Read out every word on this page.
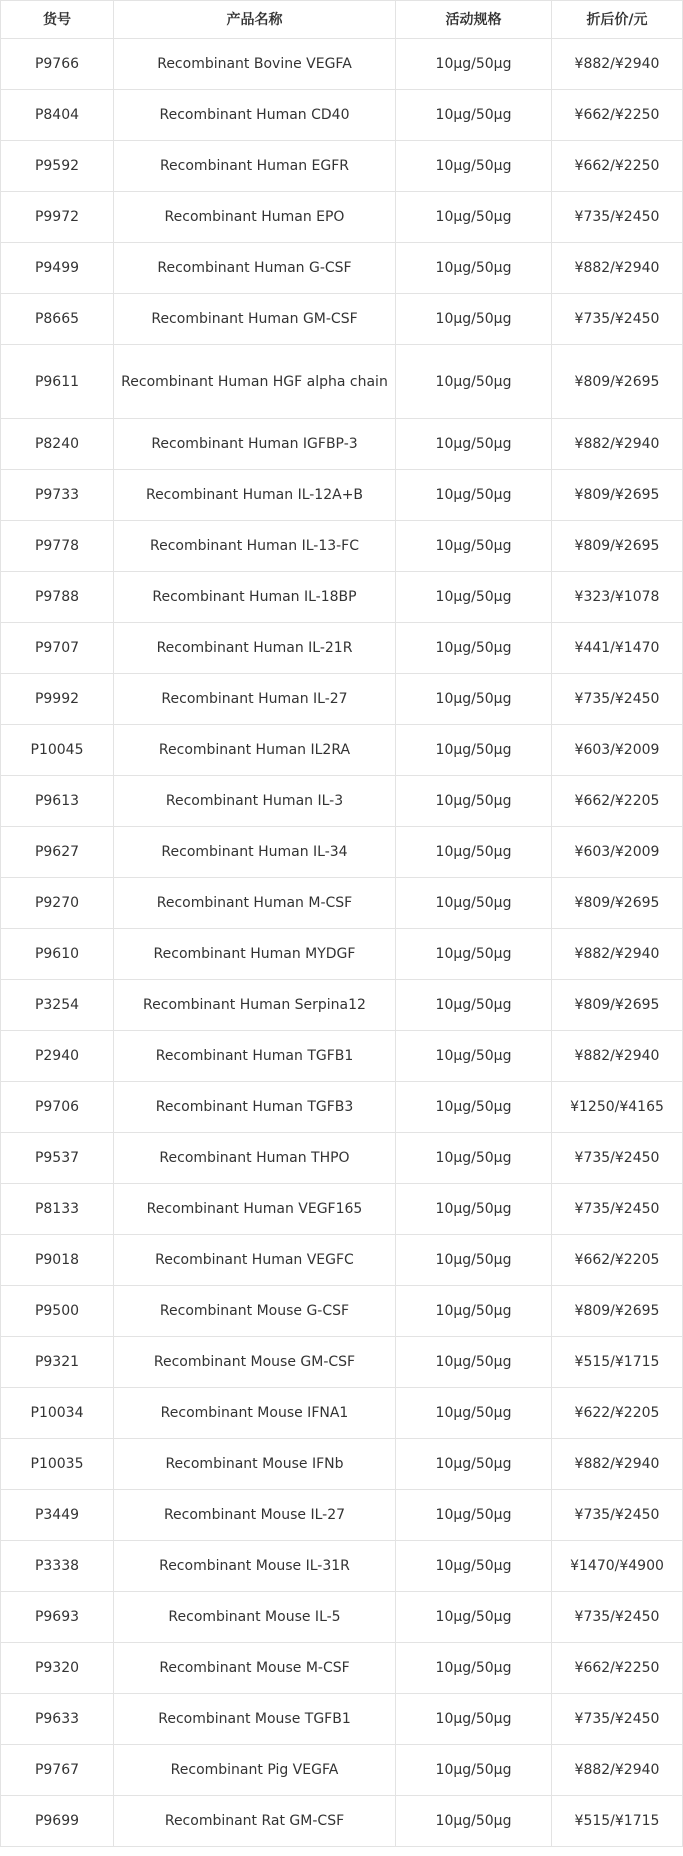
货号	产品名称	活动规格	折后价/元
P9766	Recombinant Bovine VEGFA	10μg/50μg	¥882/¥2940
P8404	Recombinant Human CD40	10μg/50μg	¥662/¥2250
P9592	Recombinant Human EGFR	10μg/50μg	¥662/¥2250
P9972	Recombinant Human EPO	10μg/50μg	¥735/¥2450
P9499	Recombinant Human G-CSF	10μg/50μg	¥882/¥2940
P8665	Recombinant Human GM-CSF	10μg/50μg	¥735/¥2450
P9611	Recombinant Human HGF alpha chain	10μg/50μg	¥809/¥2695
P8240	Recombinant Human IGFBP-3	10μg/50μg	¥882/¥2940
P9733	Recombinant Human IL-12A+B	10μg/50μg	¥809/¥2695
P9778	Recombinant Human IL-13-FC	10μg/50μg	¥809/¥2695
P9788	Recombinant Human IL-18BP	10μg/50μg	¥323/¥1078
P9707	Recombinant Human IL-21R	10μg/50μg	¥441/¥1470
P9992	Recombinant Human IL-27	10μg/50μg	¥735/¥2450
P10045	Recombinant Human IL2RA	10μg/50μg	¥603/¥2009
P9613	Recombinant Human IL-3	10μg/50μg	¥662/¥2205
P9627	Recombinant Human IL-34	10μg/50μg	¥603/¥2009
P9270	Recombinant Human M-CSF	10μg/50μg	¥809/¥2695
P9610	Recombinant Human MYDGF	10μg/50μg	¥882/¥2940
P3254	Recombinant Human Serpina12	10μg/50μg	¥809/¥2695
P2940	Recombinant Human TGFB1	10μg/50μg	¥882/¥2940
P9706	Recombinant Human TGFB3	10μg/50μg	¥1250/¥4165
P9537	Recombinant Human THPO	10μg/50μg	¥735/¥2450
P8133	Recombinant Human VEGF165	10μg/50μg	¥735/¥2450
P9018	Recombinant Human VEGFC	10μg/50μg	¥662/¥2205
P9500	Recombinant Mouse G-CSF	10μg/50μg	¥809/¥2695
P9321	Recombinant Mouse GM-CSF	10μg/50μg	¥515/¥1715
P10034	Recombinant Mouse IFNA1	10μg/50μg	¥622/¥2205
P10035	Recombinant Mouse IFNb	10μg/50μg	¥882/¥2940
P3449	Recombinant Mouse IL-27	10μg/50μg	¥735/¥2450
P3338	Recombinant Mouse IL-31R	10μg/50μg	¥1470/¥4900
P9693	Recombinant Mouse IL-5	10μg/50μg	¥735/¥2450
P9320	Recombinant Mouse M-CSF	10μg/50μg	¥662/¥2250
P9633	Recombinant Mouse TGFB1	10μg/50μg	¥735/¥2450
P9767	Recombinant Pig VEGFA	10μg/50μg	¥882/¥2940
P9699	Recombinant Rat GM-CSF	10μg/50μg	¥515/¥1715
